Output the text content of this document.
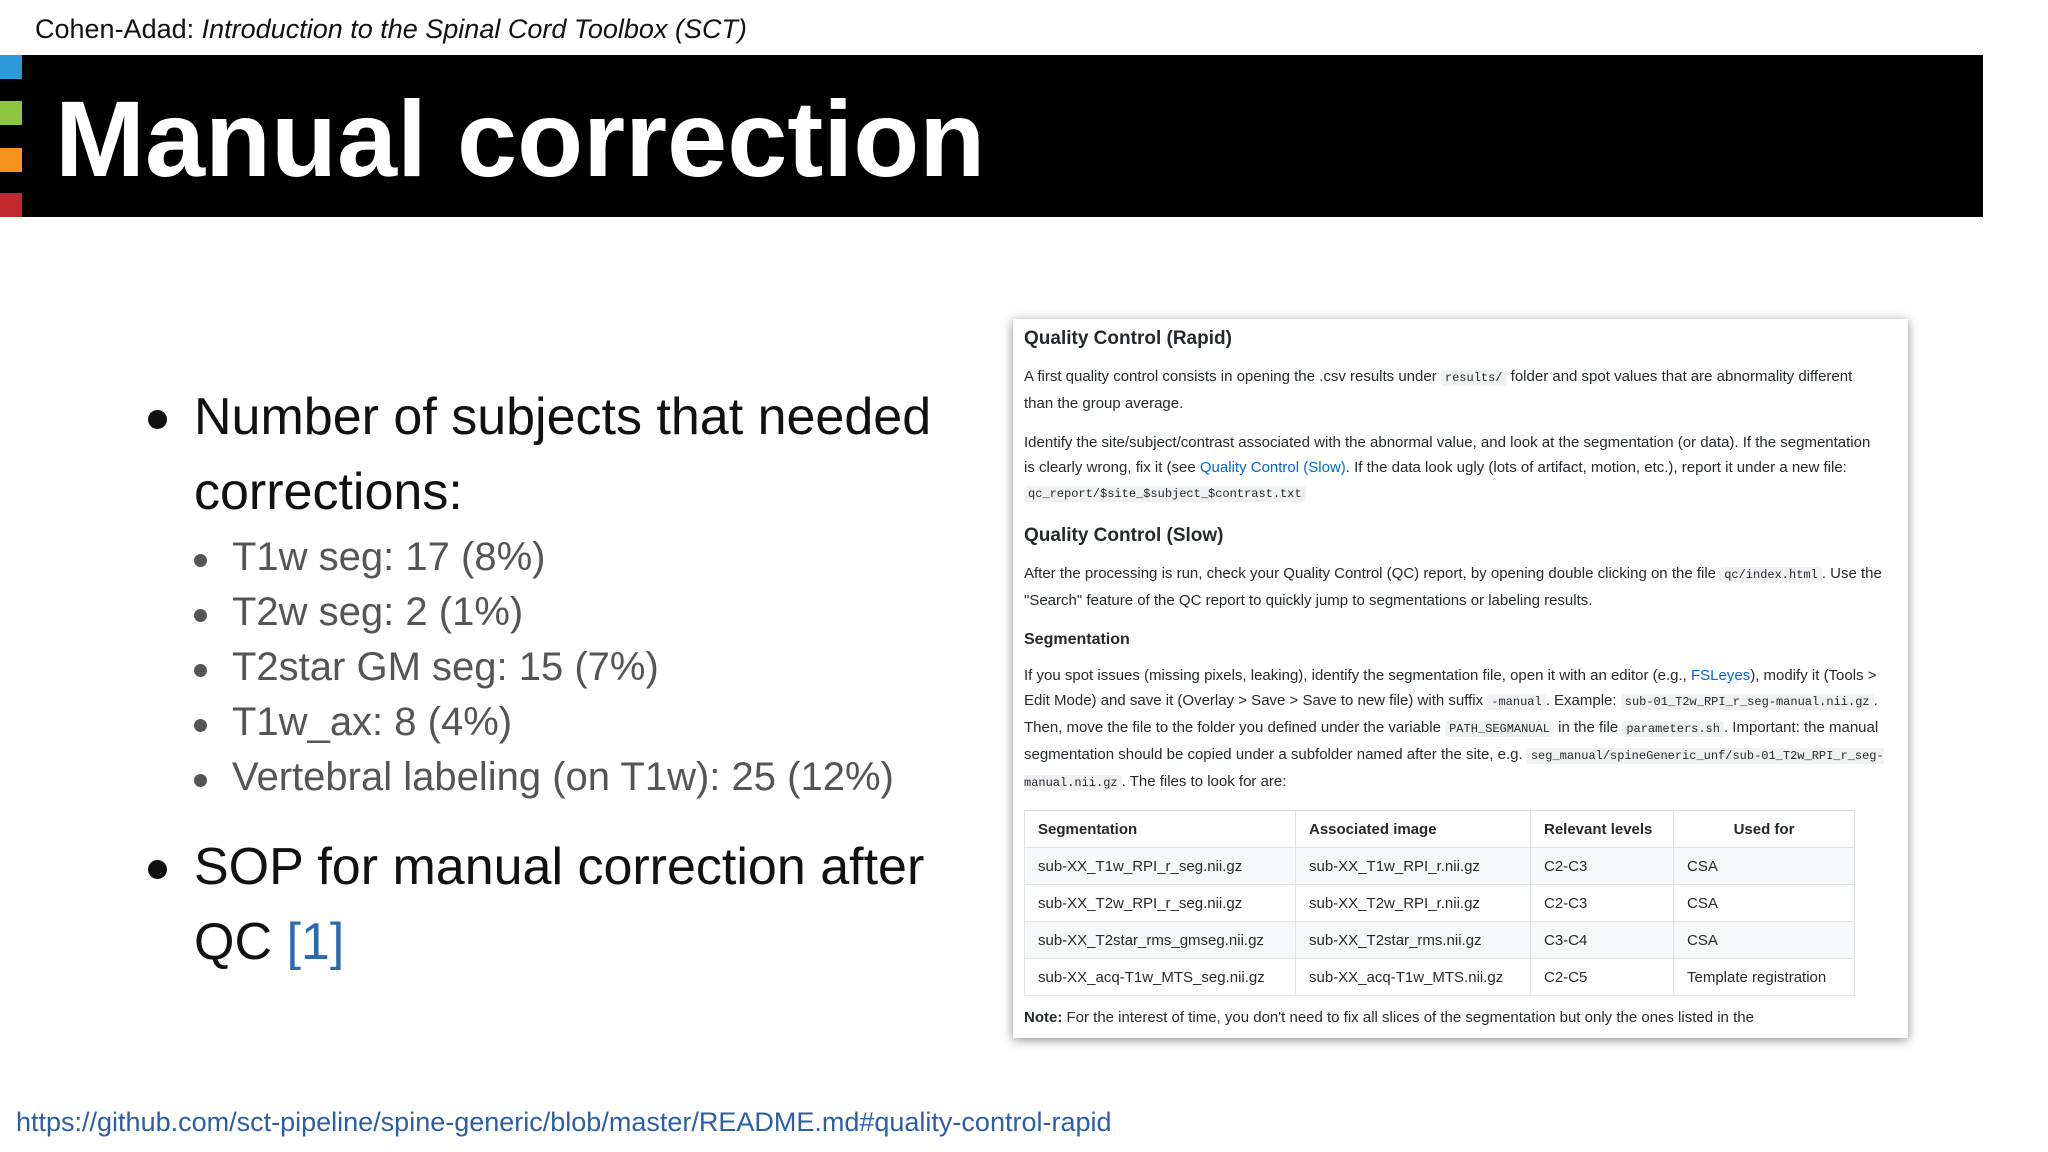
Cohen-Adad: Introduction to the Spinal Cord Toolbox (SCT)
Manual correction
Number of subjects that needed corrections:
T1w seg: 17 (8%)
T2w seg: 2 (1%)
T2star GM seg: 15 (7%)
T1w_ax: 8 (4%)
Vertebral labeling (on T1w): 25 (12%)
SOP for manual correction after QC [1]
Quality Control (Rapid)

A first quality control consists in opening the .csv results under results/ folder and spot values that are abnormality different than the group average.

Identify the site/subject/contrast associated with the abnormal value, and look at the segmentation (or data). If the segmentation is clearly wrong, fix it (see Quality Control (Slow). If the data look ugly (lots of artifact, motion, etc.), report it under a new file: qc_report/$site_$subject_$contrast.txt

Quality Control (Slow)

After the processing is run, check your Quality Control (QC) report, by opening double clicking on the file qc/index.html . Use the "Search" feature of the QC report to quickly jump to segmentations or labeling results.

Segmentation

If you spot issues (missing pixels, leaking), identify the segmentation file, open it with an editor (e.g., FSLeyes), modify it (Tools > Edit Mode) and save it (Overlay > Save > Save to new file) with suffix -manual . Example: sub-01_T2w_RPI_r_seg-manual.nii.gz . Then, move the file to the folder you defined under the variable PATH_SEGMANUAL in the file parameters.sh . Important: the manual segmentation should be copied under a subfolder named after the site, e.g. seg_manual/spineGeneric_unf/sub-01_T2w_RPI_r_seg-manual.nii.gz . The files to look for are:

Segmentation	Associated image	Relevant levels	Used for
sub-XX_T1w_RPI_r_seg.nii.gz	sub-XX_T1w_RPI_r.nii.gz	C2-C3	CSA
sub-XX_T2w_RPI_r_seg.nii.gz	sub-XX_T2w_RPI_r.nii.gz	C2-C3	CSA
sub-XX_T2star_rms_gmseg.nii.gz	sub-XX_T2star_rms.nii.gz	C3-C4	CSA
sub-XX_acq-T1w_MTS_seg.nii.gz	sub-XX_acq-T1w_MTS.nii.gz	C2-C5	Template registration
Note: For the interest of time, you don't need to fix all slices of the segmentation but only the ones listed in the
https://github.com/sct-pipeline/spine-generic/blob/master/README.md#quality-control-rapid
